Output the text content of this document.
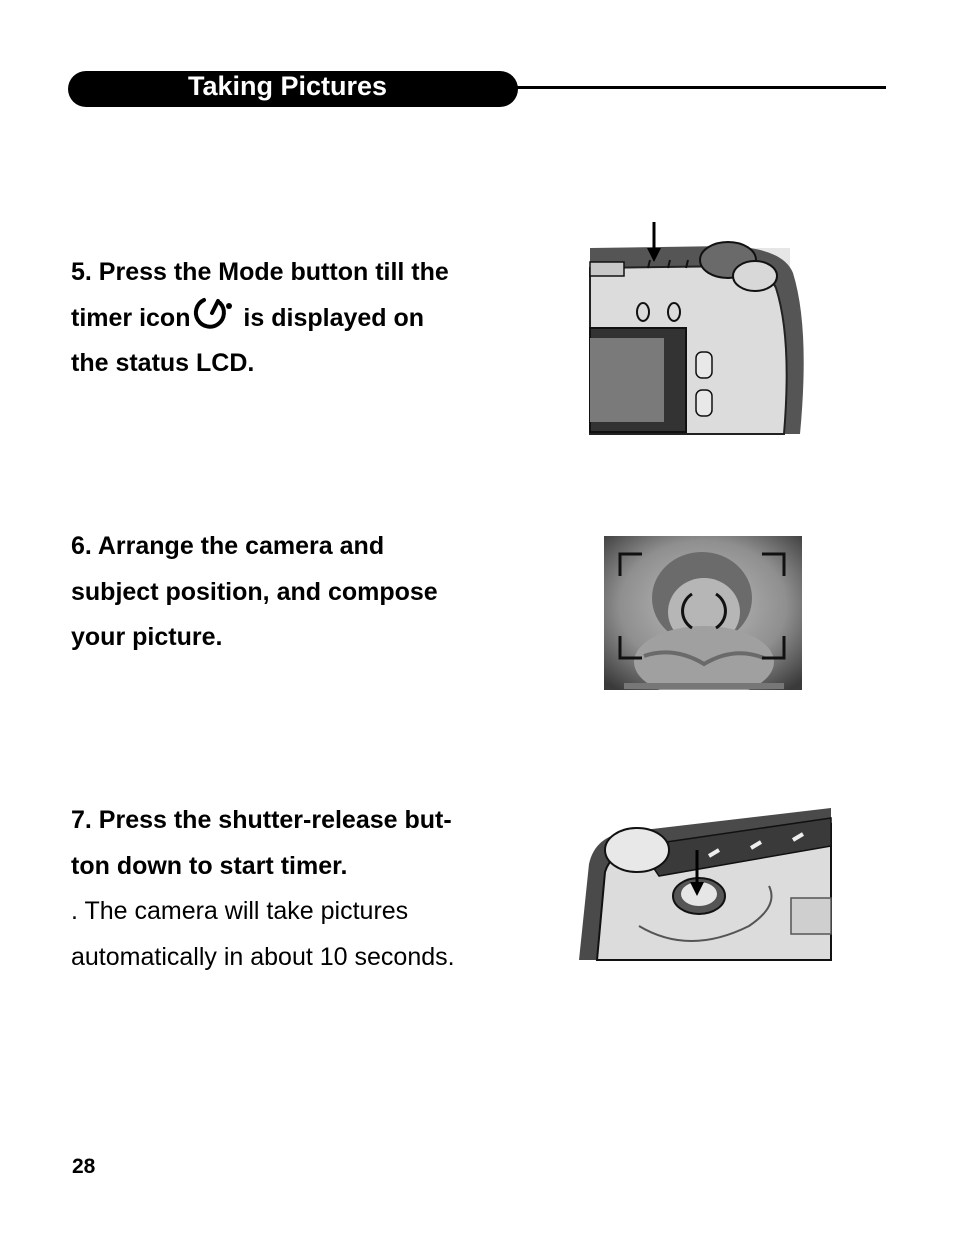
Taking Pictures
5. Press the Mode button till the
timer icon is displayed on
the status LCD.
6. Arrange the camera and
subject position, and compose
your picture.
7. Press the shutter-release but-
ton down to start timer.
. The camera will take pictures
automatically in about 10 seconds.
28
